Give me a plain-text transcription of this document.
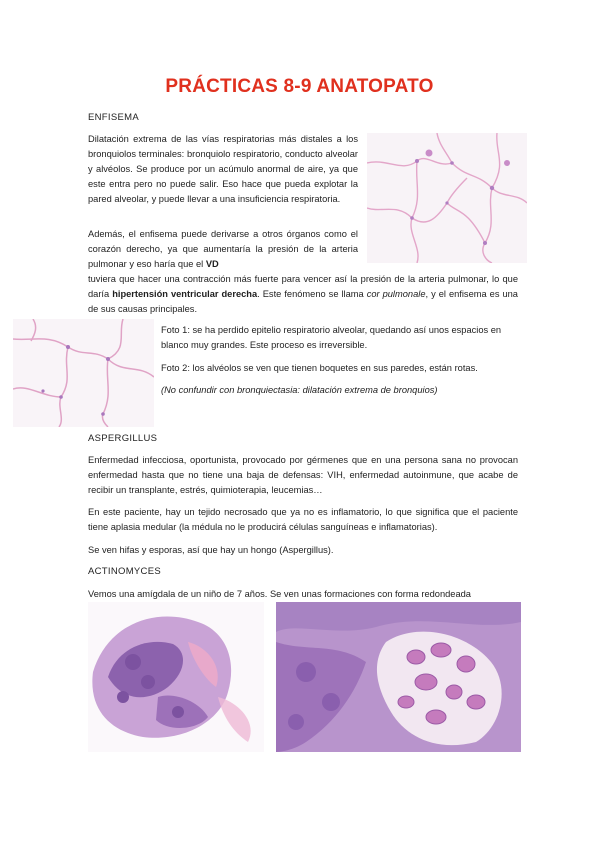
PRÁCTICAS 8-9 ANATOPATO
ENFISEMA
Dilatación extrema de las vías respiratorias más distales a los bronquiolos terminales: bronquiolo respiratorio, conducto alveolar y alvéolos. Se produce por un acúmulo anormal de aire, ya que este entra pero no puede salir. Eso hace que pueda explotar la pared alveolar, y puede llevar a una insuficiencia respiratoria.
Además, el enfisema puede derivarse a otros órganos como el corazón derecho, ya que aumentaría la presión de la arteria pulmonar y eso haría que el VD
tuviera que hacer una contracción más fuerte para vencer así la presión de la arteria pulmonar, lo que daría hipertensión ventricular derecha. Este fenómeno se llama cor pulmonale, y el enfisema es una de sus causas principales.
Foto 1: se ha perdido epitelio respiratorio alveolar, quedando así unos espacios en blanco muy grandes. Este proceso es irreversible.
Foto 2: los alvéolos se ven que tienen boquetes en sus paredes, están rotas.
(No confundir con bronquiectasia: dilatación extrema de bronquios)
ASPERGILLUS
Enfermedad infecciosa, oportunista, provocado por gérmenes que en una persona sana no provocan enfermedad hasta que no tiene una baja de defensas: VIH, enfermedad autoinmune, que acabe de recibir un transplante, estrés, quimioterapia, leucemias…
En este paciente, hay un tejido necrosado que ya no es inflamatorio, lo que significa que el paciente tiene aplasia medular (la médula no le producirá células sanguíneas e inflamatorias).
Se ven hifas y esporas, así que hay un hongo (Aspergillus).
ACTINOMYCES
Vemos una amígdala de un niño de 7 años. Se ven unas formaciones con forma redondeada
